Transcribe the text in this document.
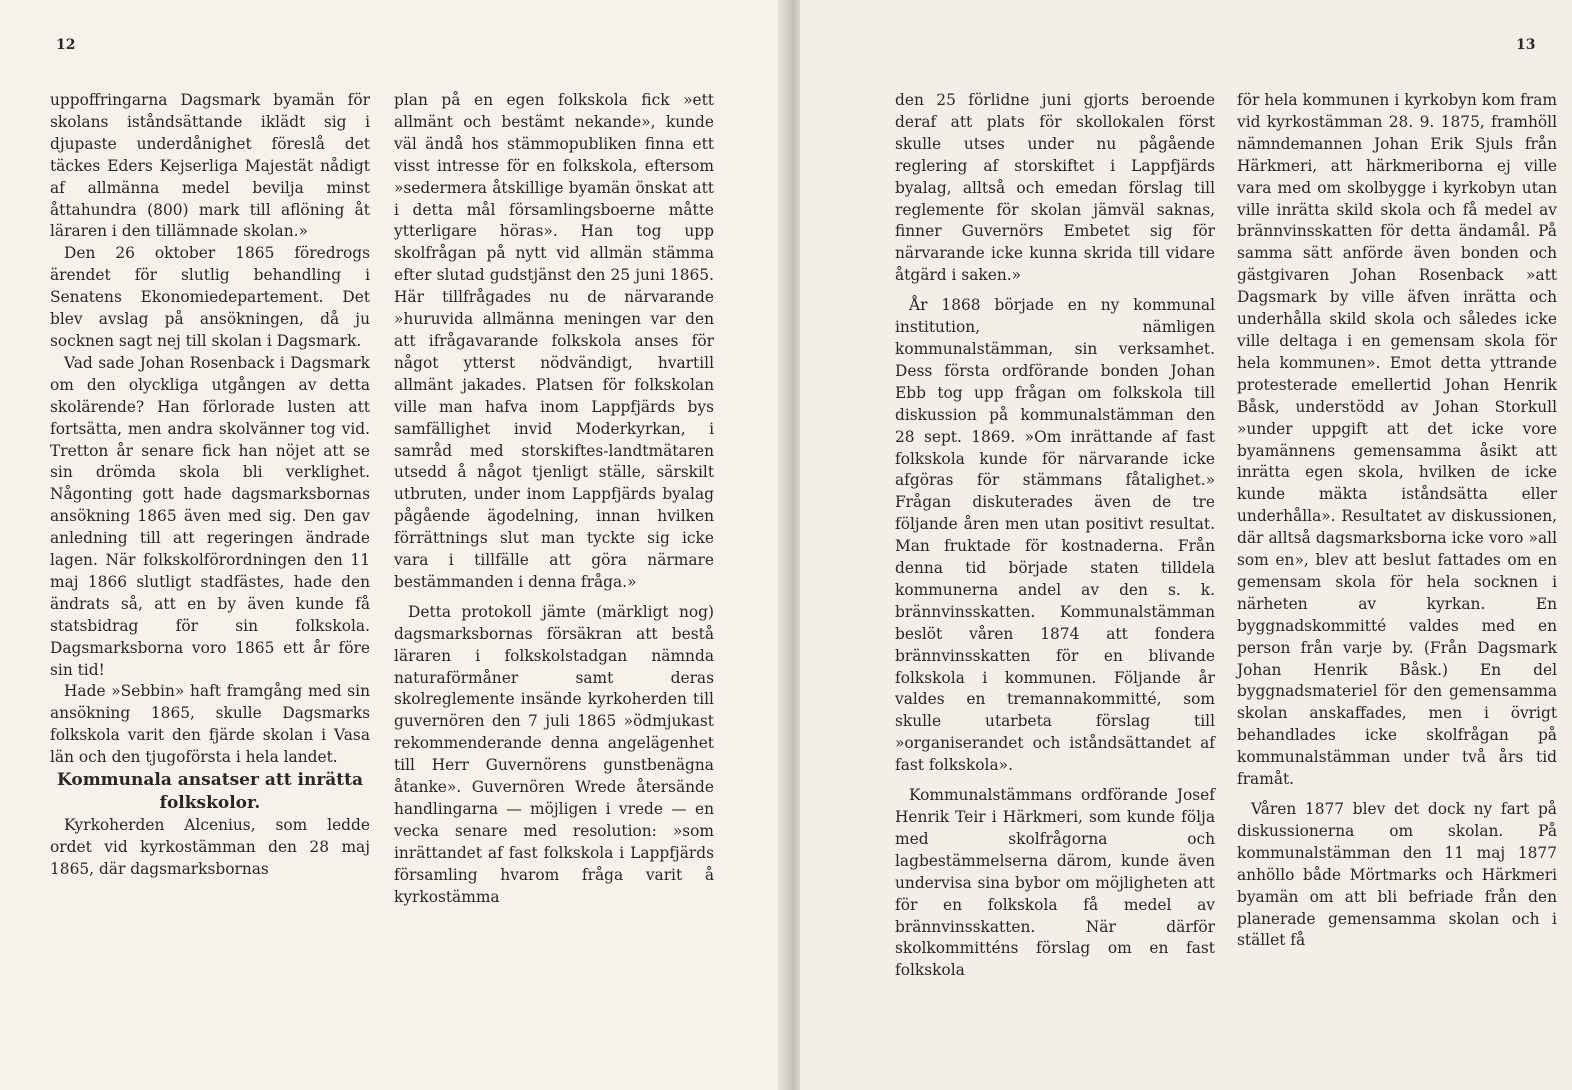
12

uppoffringarna Dagsmark byamän för skolans iståndsättande iklädt sig i djupaste underdånighet föreslå det täckes Eders Kejserliga Majestät nådigt af allmänna medel bevilja minst åttahundra (800) mark till aflöning åt läraren i den tillämnade skolan.»

Den 26 oktober 1865 föredrogs ärendet för slutlig behandling i Senatens Ekonomiedepartement. Det blev avslag på ansökningen, då ju socknen sagt nej till skolan i Dagsmark.

Vad sade Johan Rosenback i Dagsmark om den olyckliga utgången av detta skolärende? Han förlorade lusten att fortsätta, men andra skolvänner tog vid. Tretton år senare fick han nöjet att se sin drömda skola bli verklighet. Någonting gott hade dagsmarksbornas ansökning 1865 även med sig. Den gav anledning till att regeringen ändrade lagen. När folkskolförordningen den 11 maj 1866 slutligt stadfästes, hade den ändrats så, att en by även kunde få statsbidrag för sin folkskola. Dagsmarksborna voro 1865 ett år före sin tid!

Hade »Sebbin» haft framgång med sin ansökning 1865, skulle Dagsmarks folkskola varit den fjärde skolan i Vasa län och den tjugoförsta i hela landet.

Kommunala ansatser att inrätta folkskolor.

Kyrkoherden Alcenius, som ledde ordet vid kyrkostämman den 28 maj 1865, där dagsmarksbornas

plan på en egen folkskola fick »ett allmänt och bestämt nekande», kunde väl ändå hos stämmopubliken finna ett visst intresse för en folkskola, eftersom »sedermera åtskillige byamän önskat att i detta mål församlingsboerne måtte ytterligare höras». Han tog upp skolfrågan på nytt vid allmän stämma efter slutad gudstjänst den 25 juni 1865. Här tillfrågades nu de närvarande »huruvida allmänna meningen var den att ifrågavarande folkskola anses för något ytterst nödvändigt, hvartill allmänt jakades. Platsen för folkskolan ville man hafva inom Lappfjärds bys samfällighet invid Moderkyrkan, i samråd med storskiftes-landtmätaren utsedd å något tjenligt ställe, särskilt utbruten, under inom Lappfjärds byalag pågående ägodelning, innan hvilken förrättnings slut man tyckte sig icke vara i tillfälle att göra närmare bestämmanden i denna fråga.»

Detta protokoll jämte (märkligt nog) dagsmarksbornas försäkran att bestå läraren i folkskolstadgan nämnda naturaförmåner samt deras skolreglemente insände kyrkoherden till guvernören den 7 juli 1865 »ödmjukast rekommenderande denna angelägenhet till Herr Guvernörens gunstbenägna åtanke». Guvernören Wrede återsände handlingarna — möjligen i vrede — en vecka senare med resolution: »som inrättandet af fast folkskola i Lappfjärds församling hvarom fråga varit å kyrkostämma

13

den 25 förlidne juni gjorts beroende deraf att plats för skollokalen först skulle utses under nu pågående reglering af storskiftet i Lappfjärds byalag, alltså och emedan förslag till reglemente för skolan jämväl saknas, finner Guvernörs Embetet sig för närvarande icke kunna skrida till vidare åtgärd i saken.»

År 1868 började en ny kommunal institution, nämligen kommunalstämman, sin verksamhet. Dess första ordförande bonden Johan Ebb tog upp frågan om folkskola till diskussion på kommunalstämman den 28 sept. 1869. »Om inrättande af fast folkskola kunde för närvarande icke afgöras för stämmans fåtalighet.» Frågan diskuterades även de tre följande åren men utan positivt resultat. Man fruktade för kostnaderna. Från denna tid började staten tilldela kommunerna andel av den s. k. brännvinsskatten. Kommunalstämman beslöt våren 1874 att fondera brännvinsskatten för en blivande folkskola i kommunen. Följande år valdes en tremannakommitté, som skulle utarbeta förslag till »organiserandet och iståndsättandet af fast folkskola».

Kommunalstämmans ordförande Josef Henrik Teir i Härkmeri, som kunde följa med skolfrågorna och lagbestämmelserna därom, kunde även undervisa sina bybor om möjligheten att för en folkskola få medel av brännvinsskatten. När därför skolkommitténs förslag om en fast folkskola

för hela kommunen i kyrkobyn kom fram vid kyrkostämman 28. 9. 1875, framhöll nämndemannen Johan Erik Sjuls från Härkmeri, att härkmeriborna ej ville vara med om skolbygge i kyrkobyn utan ville inrätta skild skola och få medel av brännvinsskatten för detta ändamål. På samma sätt anförde även bonden och gästgivaren Johan Rosenback »att Dagsmark by ville äfven inrätta och underhålla skild skola och således icke ville deltaga i en gemensam skola för hela kommunen». Emot detta yttrande protesterade emellertid Johan Henrik Båsk, understödd av Johan Storkull »under uppgift att det icke vore byamännens gemensamma åsikt att inrätta egen skola, hvilken de icke kunde mäkta iståndsätta eller underhålla». Resultatet av diskussionen, där alltså dagsmarksborna icke voro »all som en», blev att beslut fattades om en gemensam skola för hela socknen i närheten av kyrkan. En byggnadskommitté valdes med en person från varje by. (Från Dagsmark Johan Henrik Båsk.) En del byggnadsmateriel för den gemensamma skolan anskaffades, men i övrigt behandlades icke skolfrågan på kommunalstämman under två års tid framåt.

Våren 1877 blev det dock ny fart på diskussionerna om skolan. På kommunalstämman den 11 maj 1877 anhöllo både Mörtmarks och Härkmeri byamän om att bli befriade från den planerade gemensamma skolan och i stället få
